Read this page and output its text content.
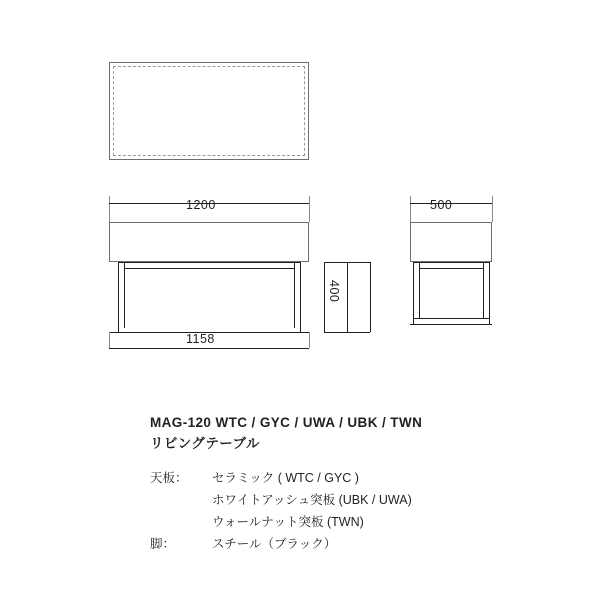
1200
1158
400
500
MAG-120 WTC / GYC / UWA / UBK / TWN
リビングテーブル
天板：	セラミック ( WTC / GYC )
ホワイトアッシュ突板 (UBK / UWA)
ウォールナット突板 (TWN)
脚：	スチール（ブラック）
